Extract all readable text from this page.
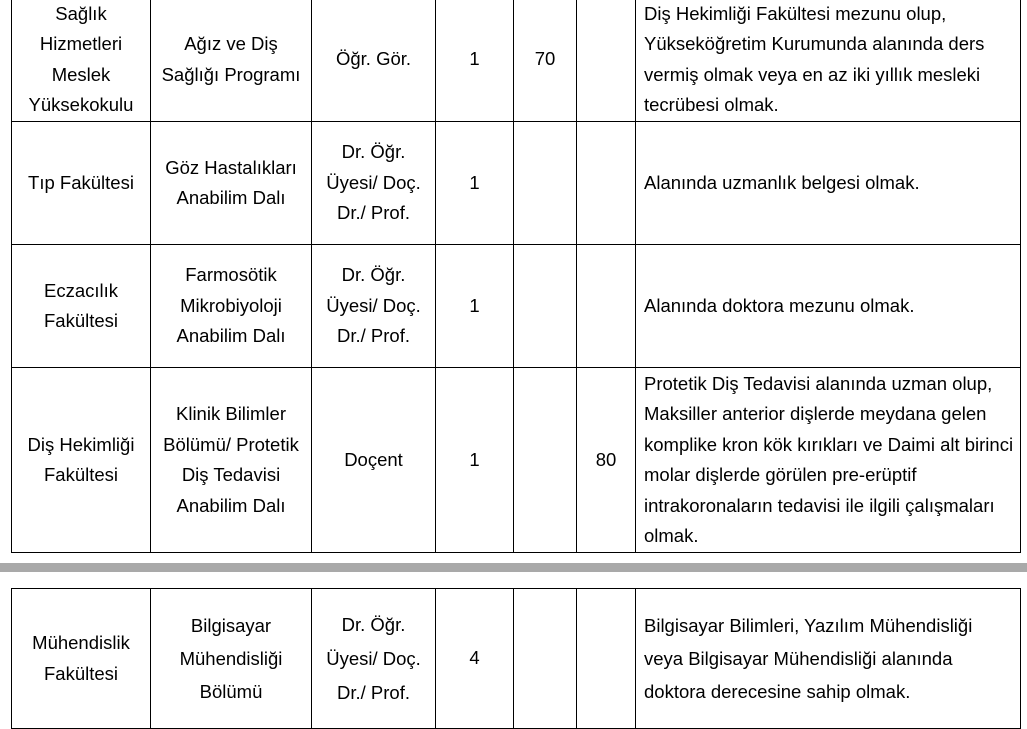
Sağlık Hizmetleri Meslek Yüksekokulu	Ağız ve Diş Sağlığı Programı	Öğr. Gör.	1	70		Diş Hekimliği Fakültesi mezunu olup, Yükseköğretim Kurumunda alanında ders vermiş olmak veya en az iki yıllık mesleki tecrübesi olmak.
Tıp Fakültesi	Göz Hastalıkları Anabilim Dalı	Dr. Öğr. Üyesi/ Doç. Dr./ Prof.	1			Alanında uzmanlık belgesi olmak.
Eczacılık Fakültesi	Farmosötik Mikrobiyoloji Anabilim Dalı	Dr. Öğr. Üyesi/ Doç. Dr./ Prof.	1			Alanında doktora mezunu olmak.
Diş Hekimliği Fakültesi	Klinik Bilimler Bölümü/ Protetik Diş Tedavisi Anabilim Dalı	Doçent	1		80	Protetik Diş Tedavisi alanında uzman olup, Maksiller anterior dişlerde meydana gelen komplike kron kök kırıkları ve Daimi alt birinci molar dişlerde görülen pre-erüptif intrakoronaların tedavisi ile ilgili çalışmaları olmak.
Mühendislik Fakültesi	Bilgisayar Mühendisliği Bölümü	Dr. Öğr. Üyesi/ Doç. Dr./ Prof.	4			Bilgisayar Bilimleri, Yazılım Mühendisliği veya Bilgisayar Mühendisliği alanında doktora derecesine sahip olmak.
